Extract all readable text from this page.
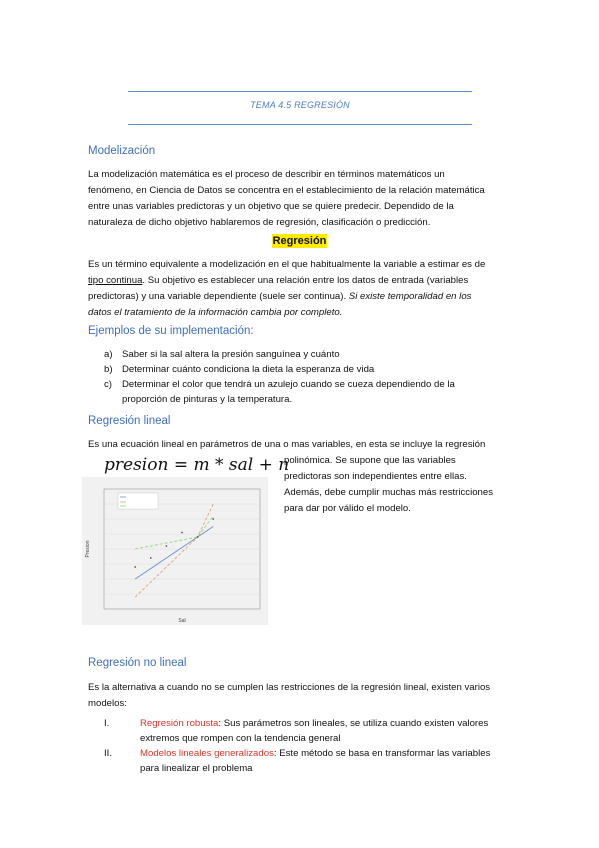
TEMA 4.5 REGRESIÓN
Modelización
La modelización matemática es el proceso de describir en términos matemáticos un
fenómeno, en Ciencia de Datos se concentra en el establecimiento de la relación matemática
entre unas variables predictoras y un objetivo que se quiere predecir. Dependido de la
naturaleza de dicho objetivo hablaremos de regresión, clasificación o predicción.
Regresión
Es un término equivalente a modelización en el que habitualmente la variable a estimar es de
tipo continua. Su objetivo es establecer una relación entre los datos de entrada (variables
predictoras) y una variable dependiente (suele ser continua). Si existe temporalidad en los
datos el tratamiento de la información cambia por completo.
Ejemplos de su implementación:
a) Saber si la sal altera la presión sanguínea y cuánto
b) Determinar cuánto condiciona la dieta la esperanza de vida
c)	Determinar el color que tendrá un azulejo cuando se cueza dependiendo de la
proporción de pinturas y la temperatura.
Regresión lineal
Es una ecuación lineal en parámetros de una o mas variables, en esta se incluye la regresión
presion = m * sal + n
polinómica. Se supone que las variables
predictoras son independientes entre ellas.
Además, debe cumplir muchas más restricciones
para dar por válido el modelo.
Sal
Presion
Regresión no lineal
Es la alternativa a cuando no se cumplen las restricciones de la regresión lineal, existen varios
modelos:
I.	Regresión robusta: Sus parámetros son lineales, se utiliza cuando existen valores
extremos que rompen con la tendencia general
II.	Modelos lineales generalizados: Este método se basa en transformar las variables
para linealizar el problema
